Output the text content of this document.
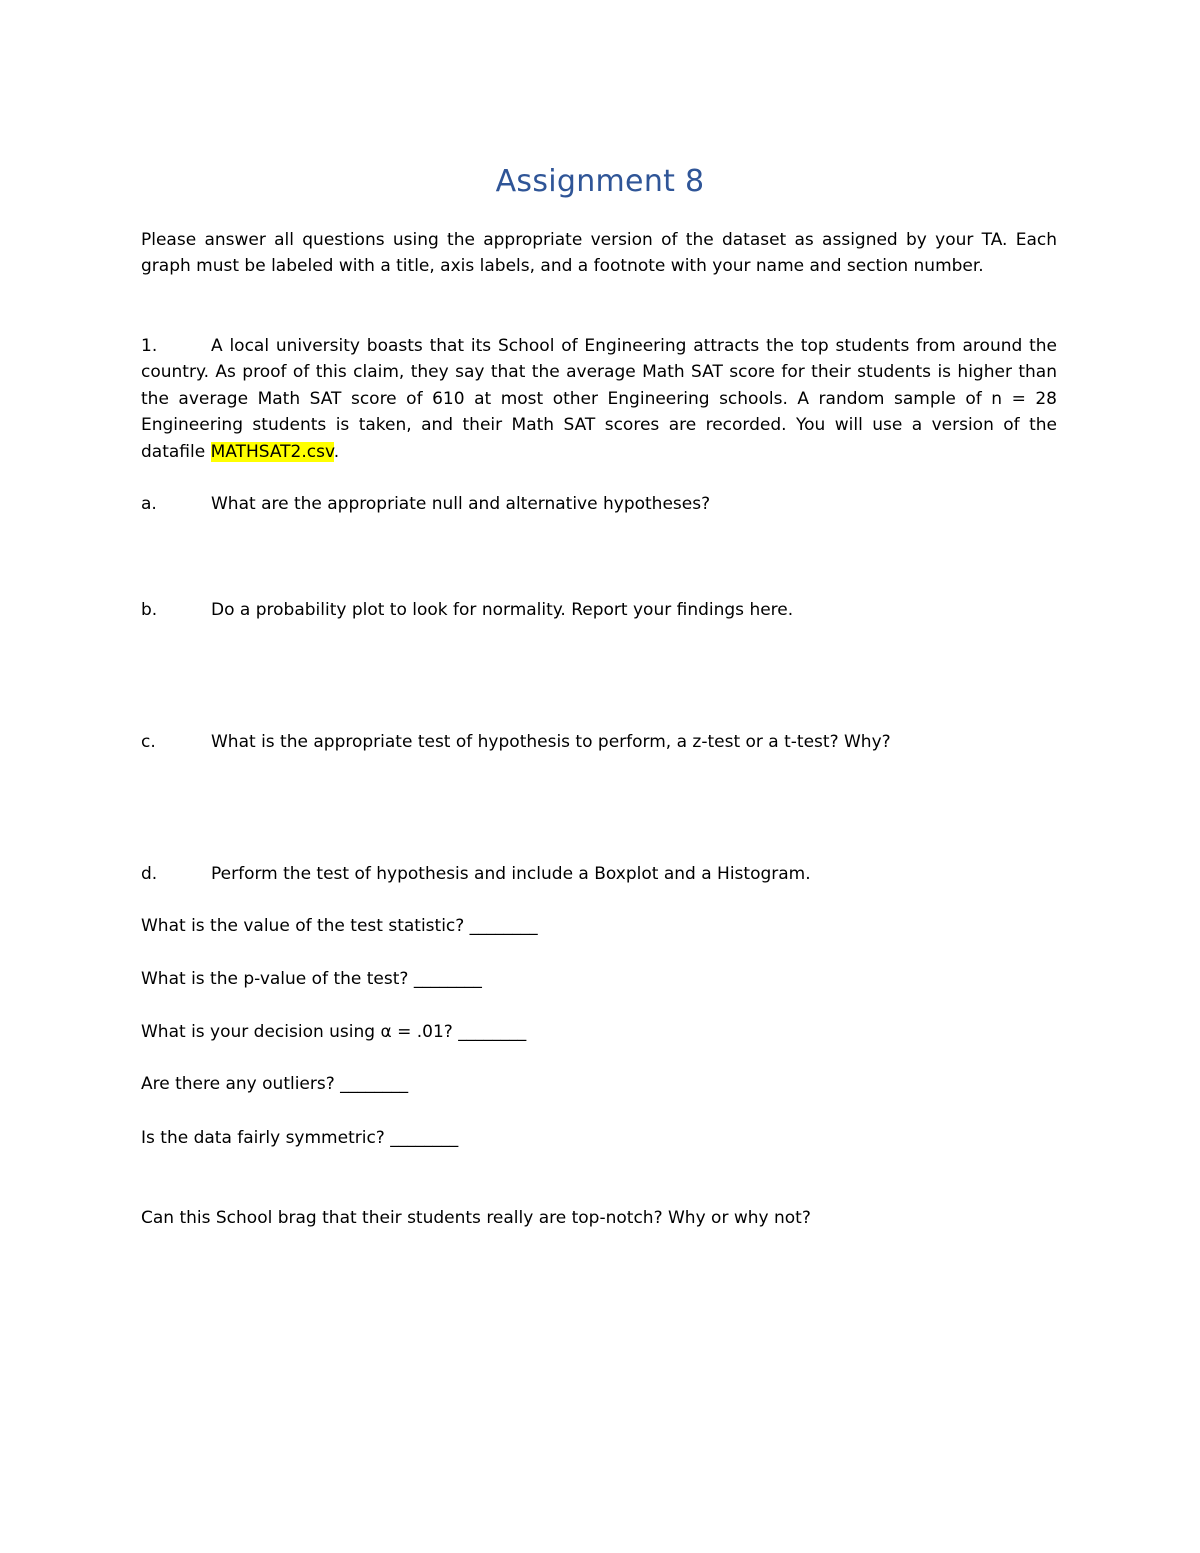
Assignment 8
Please answer all questions using the appropriate version of the dataset as assigned by your TA. Each graph must be labeled with a title, axis labels, and a footnote with your name and section number.
1.	A local university boasts that its School of Engineering attracts the top students from around the country. As proof of this claim, they say that the average Math SAT score for their students is higher than the average Math SAT score of 610 at most other Engineering schools. A random sample of n = 28 Engineering students is taken, and their Math SAT scores are recorded. You will use a version of the datafile MATHSAT2.csv.
a.	What are the appropriate null and alternative hypotheses?
b.	Do a probability plot to look for normality. Report your findings here.
c.	What is the appropriate test of hypothesis to perform, a z-test or a t-test? Why?
d.	Perform the test of hypothesis and include a Boxplot and a Histogram.
What is the value of the test statistic? ________
What is the p-value of the test? ________
What is your decision using α = .01? ________
Are there any outliers? ________
Is the data fairly symmetric? ________
Can this School brag that their students really are top-notch? Why or why not?
